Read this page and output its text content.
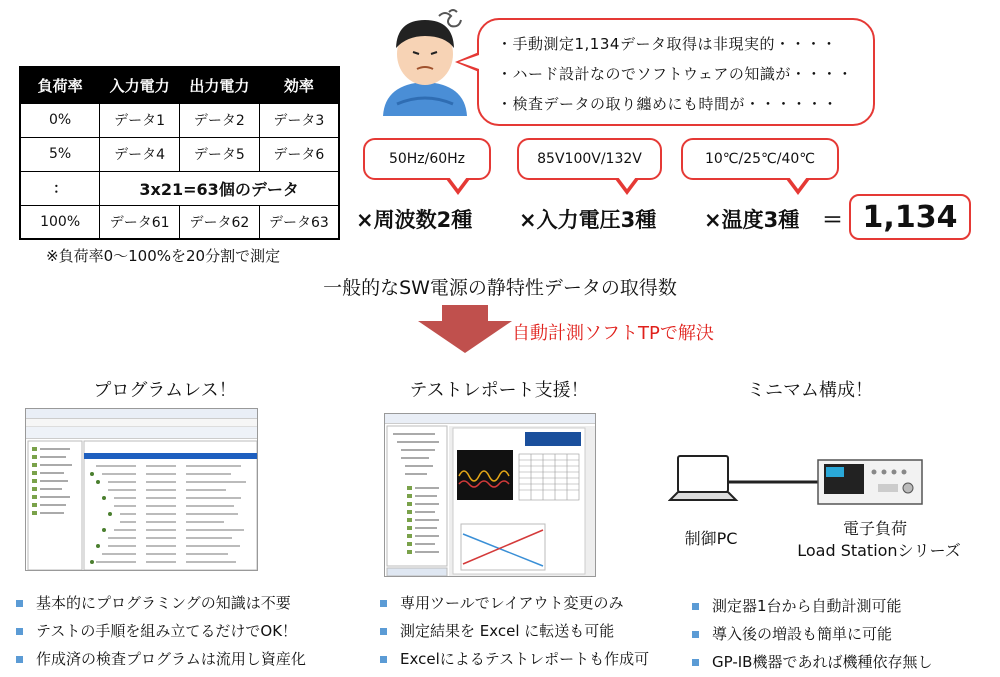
負荷率	入力電力	出力電力	効率
0%	データ1	データ2	データ3
5%	データ4	データ5	データ6
：	3x21=63個のデータ		
100%	データ61	データ62	データ63
※負荷率0～100%を20分割で測定
・手動測定1,134データ取得は非現実的・・・・
・ハード設計なのでソフトウェアの知識が・・・・
・検査データの取り纏めにも時間が・・・・・・
50Hz/60Hz	85V100V/132V	10℃/25℃/40℃
×周波数2種 ×入力電圧3種 ×温度3種 ＝ 1,134
一般的なSW電源の静特性データの取得数
自動計測ソフトTPで解決
プログラムレス！	テストレポート支援！	ミニマム構成！
制御PC
電子負荷
Load Stationシリーズ
基本的にプログラミングの知識は不要
テストの手順を組み立てるだけでOK！
作成済の検査プログラムは流用し資産化
専用ツールでレイアウト変更のみ
測定結果を Excel に転送も可能
Excelによるテストレポートも作成可
測定器1台から自動計測可能
導入後の増設も簡単に可能
GP-IB機器であれば機種依存無し
